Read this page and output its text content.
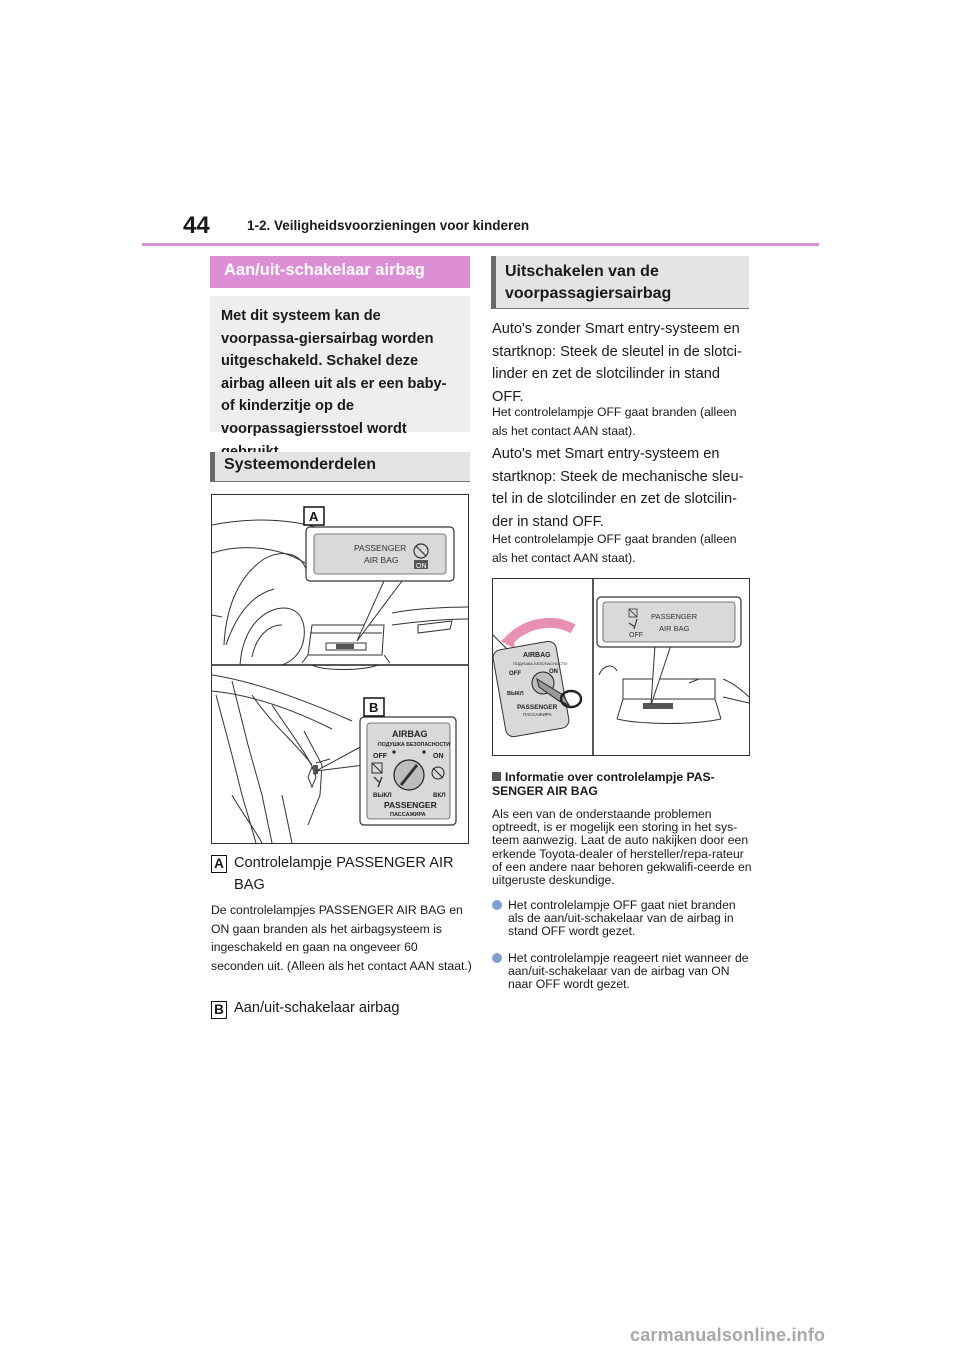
44	1-2. Veiligheidsvoorzieningen voor kinderen
Aan/uit-schakelaar airbag
Met dit systeem kan de voorpassa-giersairbag worden uitgeschakeld. Schakel deze airbag alleen uit als er een baby- of kinderzitje op de voorpassagiersstoel wordt
Systeemonderdelen
PASSENGER
AIR BAG
ON
A
AIRBAG
ПОДУШКА БЕЗОПАСНОСТИ
OFF	ON
ВЫКЛ	ВКЛ
PASSENGER
ПАССАЖИРА
B
A Controlelampje PASSENGER AIR BAG
De controlelampjes PASSENGER AIR BAG en ON gaan branden als het airbagsysteem is ingeschakeld en gaan na ongeveer 60 seconden uit. (Alleen als het contact AAN staat.)
B Aan/uit-schakelaar airbag
Uitschakelen van de voorpassagiersairbag
Auto's zonder Smart entry-systeem en startknop: Steek de sleutel in de slotci-linder en zet de slotcilinder in stand OFF.
Het controlelampje OFF gaat branden (alleen als het contact AAN staat).
Auto's met Smart entry-systeem en startknop: Steek de mechanische sleu-tel in de slotcilinder en zet de slotcilin-der in stand OFF.
Het controlelampje OFF gaat branden (alleen als het contact AAN staat).
AIRBAG
ПОДУШКА БЕЗОПАСНОСТИ
OFF	ON
ВЫКЛ
PASSENGER
ПАССАЖИРА
OFF
PASSENGER
AIR BAG
Informatie over controlelampje PAS-SENGER AIR BAG
Als een van de onderstaande problemen optreedt, is er mogelijk een storing in het sys-teem aanwezig. Laat de auto nakijken door een erkende Toyota-dealer of hersteller/repa-rateur of een andere naar behoren gekwalifi-ceerde en uitgeruste deskundige.
Het controlelampje OFF gaat niet branden als de aan/uit-schakelaar van de airbag in stand OFF wordt gezet.
Het controlelampje reageert niet wanneer de aan/uit-schakelaar van de airbag van ON naar OFF wordt gezet.
carmanualsonline.info
